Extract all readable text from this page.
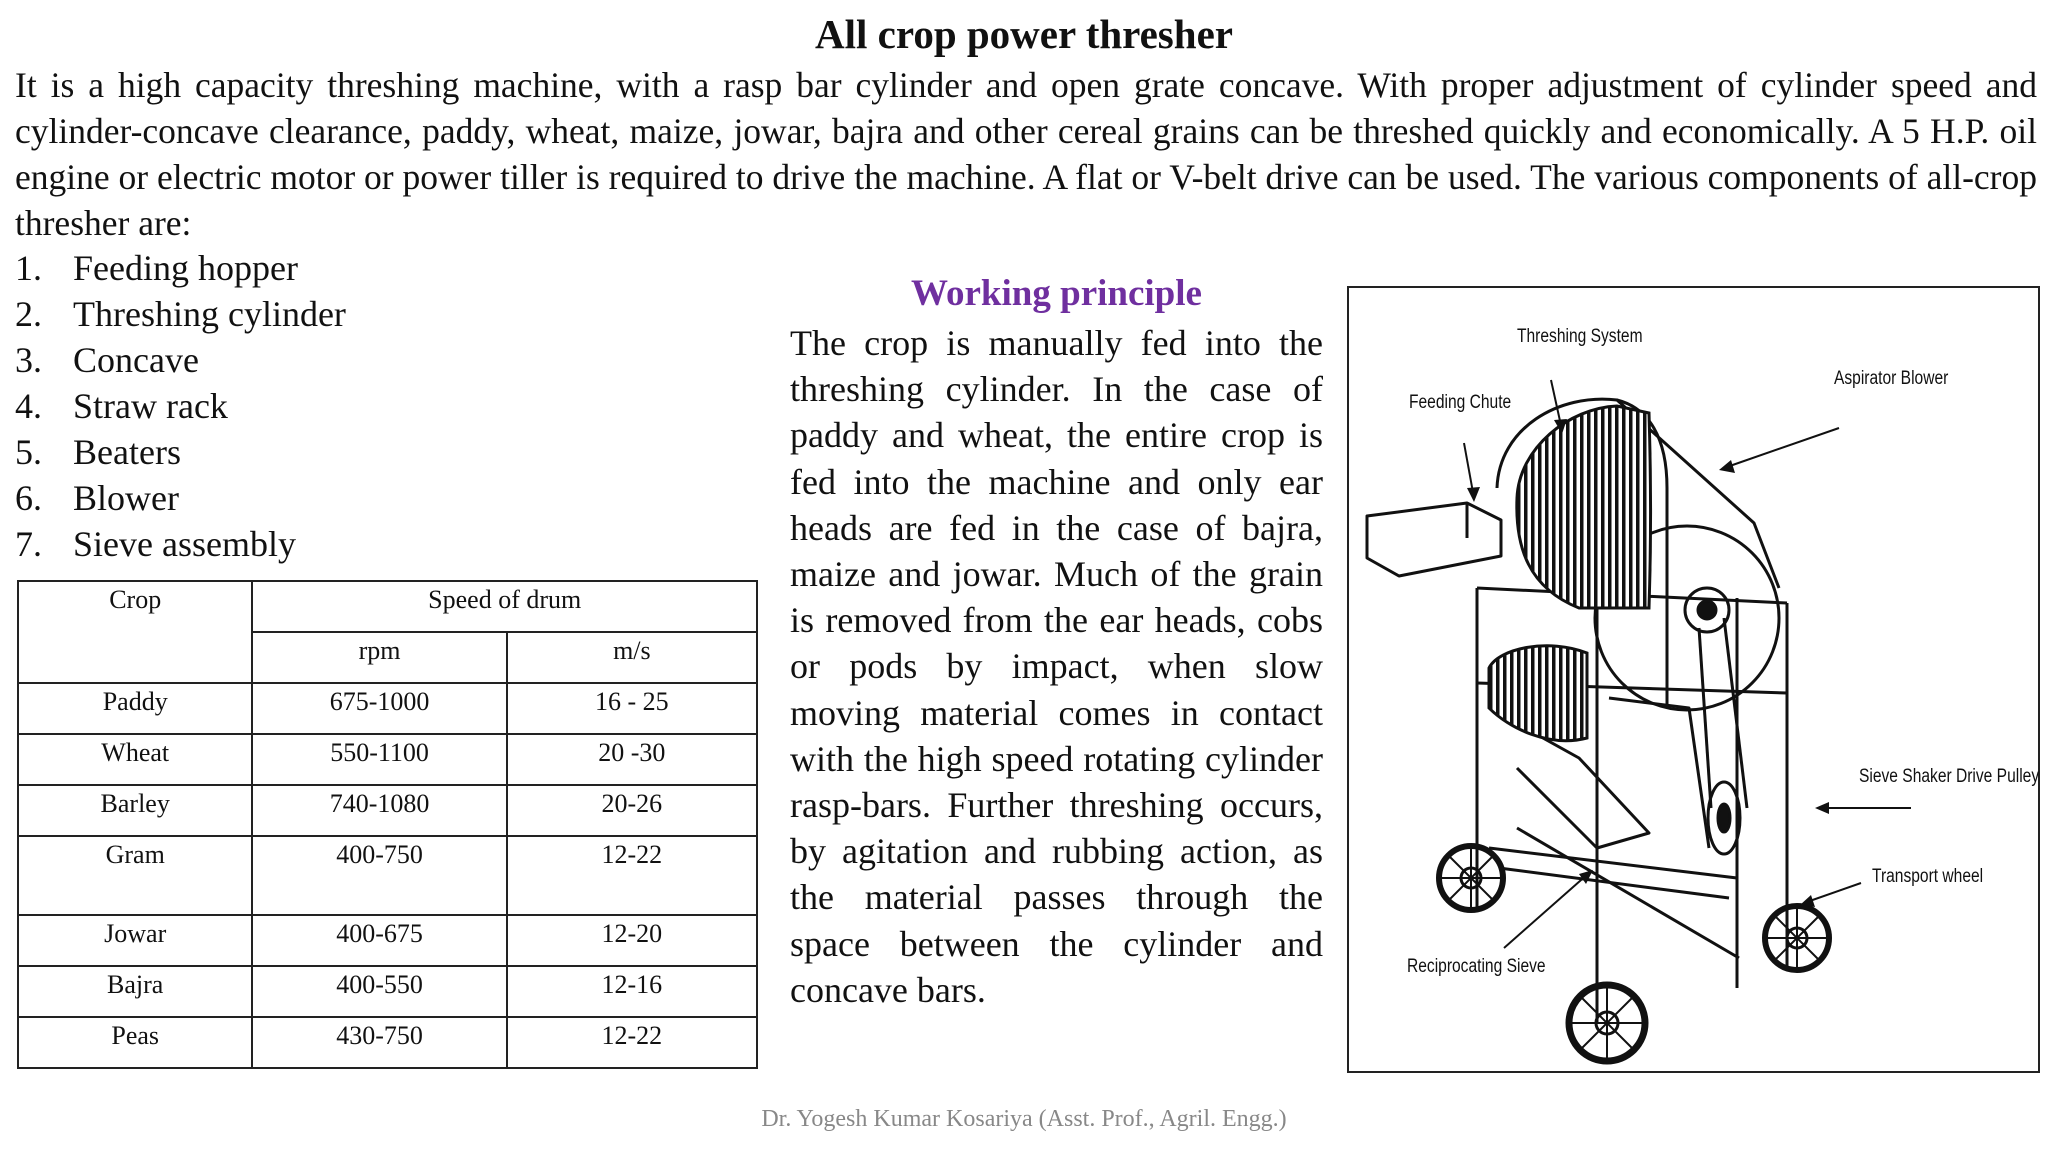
All crop power thresher
It is a high capacity threshing machine, with a rasp bar cylinder and open grate concave. With proper adjustment of cylinder speed and cylinder-concave clearance, paddy, wheat, maize, jowar, bajra and other cereal grains can be threshed quickly and economically. A 5 H.P. oil engine or electric motor or power tiller is required to drive the machine. A flat or V-belt drive can be used. The various components of all-crop thresher are:
1. Feeding hopper
2. Threshing cylinder
3. Concave
4. Straw rack
5. Beaters
6. Blower
7. Sieve assembly
Crop	Speed of drum	
	rpm	m/s
Paddy	675-1000	16 - 25
Wheat	550-1100	20 -30
Barley	740-1080	20-26
Gram	400-750	12-22
Jowar	400-675	12-20
Bajra	400-550	12-16
Peas	430-750	12-22
Working principle
The crop is manually fed into the threshing cylinder. In the case of paddy and wheat, the entire crop is fed into the machine and only ear heads are fed in the case of bajra, maize and jowar. Much of the grain is removed from the ear heads, cobs or pods by impact, when slow moving material comes in contact with the high speed rotating cylinder rasp-bars. Further threshing occurs, by agitation and rubbing action, as the material passes through the space between the cylinder and concave bars.
Threshing System
Aspirator Blower
Feeding Chute
Sieve Shaker Drive Pulley
Transport wheel
Reciprocating Sieve
Dr. Yogesh Kumar Kosariya (Asst. Prof., Agril. Engg.)
